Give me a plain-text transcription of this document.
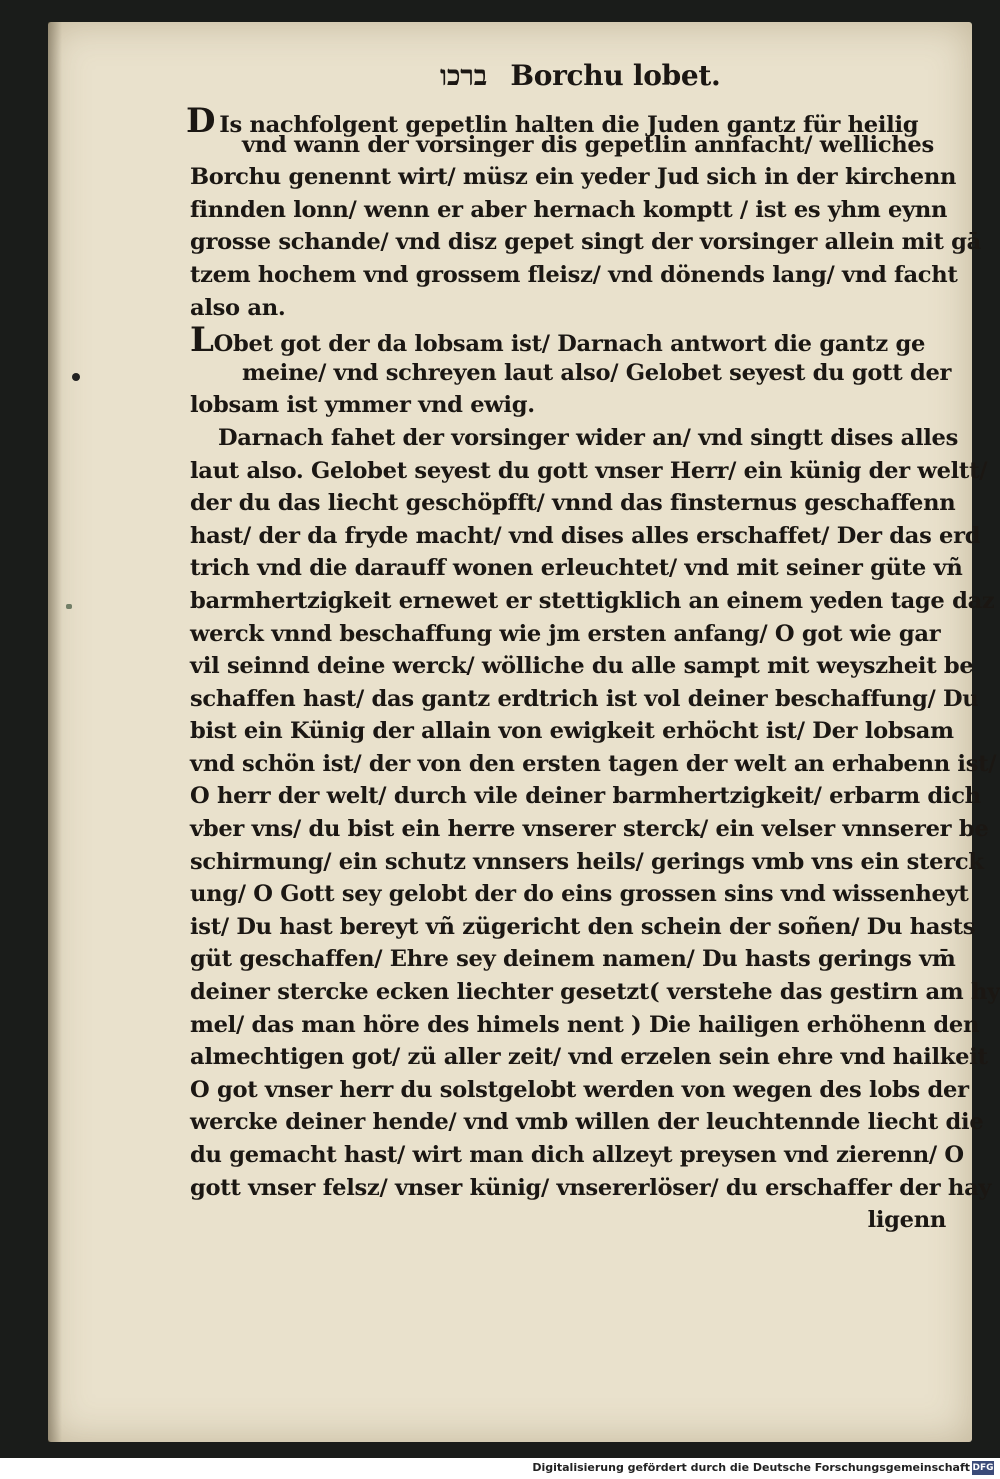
ברכו Borchu lobet.
D Is nachfolgent gepetlin halten die Juden gantz für heilig
vnd wann der vorsinger dis gepetlin annfacht/ welliches
Borchu genennt wirt/ müsz ein yeder Jud sich in der kirchenn
finnden lonn/ wenn er aber hernach komptt / ist es yhm eynn
grosse schande/ vnd disz gepet singt der vorsinger allein mit gā
tzem hochem vnd grossem fleisz/ vnd dönends lang/ vnd facht
also an.
LObet got der da lobsam ist/ Darnach antwort die gantz ge
meine/ vnd schreyen laut also/ Gelobet seyest du gott der
lobsam ist ymmer vnd ewig.
Darnach fahet der vorsinger wider an/ vnd singtt dises alles
laut also. Gelobet seyest du gott vnser Herr/ ein künig der weltt/
der du das liecht geschöpfft/ vnnd das finsternus geschaffenn
hast/ der da fryde macht/ vnd dises alles erschaffet/ Der das erd
trich vnd die darauff wonen erleuchtet/ vnd mit seiner güte vñ
barmhertzigkeit ernewet er stettigklich an einem yeden tage daz
werck vnnd beschaffung wie jm ersten anfang/ O got wie gar
vil seinnd deine werck/ wölliche du alle sampt mit weyszheit be
schaffen hast/ das gantz erdtrich ist vol deiner beschaffung/ Du
bist ein Künig der allain von ewigkeit erhöcht ist/ Der lobsam
vnd schön ist/ der von den ersten tagen der welt an erhabenn ist/
O herr der welt/ durch vile deiner barmhertzigkeit/ erbarm dich
vber vns/ du bist ein herre vnserer sterck/ ein velser vnnserer be
schirmung/ ein schutz vnnsers heils/ gerings vmb vns ein sterck
ung/ O Gott sey gelobt der do eins grossen sins vnd wissenheyt
ist/ Du hast bereyt vñ zügericht den schein der soñen/ Du hasts
güt geschaffen/ Ehre sey deinem namen/ Du hasts gerings vm̄
deiner stercke ecken liechter gesetzt( verstehe das gestirn am hy
mel/ das man höre des himels nent ) Die hailigen erhöhenn den
almechtigen got/ zü aller zeit/ vnd erzelen sein ehre vnd hailkeit
O got vnser herr du solstgelobt werden von wegen des lobs der
wercke deiner hende/ vnd vmb willen der leuchtennde liecht die
du gemacht hast/ wirt man dich allzeyt preysen vnd zierenn/ O
gott vnser felsz/ vnser künig/ vnsererlöser/ du erschaffer der hay
ligenn
Digitalisierung gefördert durch die Deutsche Forschungsgemeinschaft DFG
